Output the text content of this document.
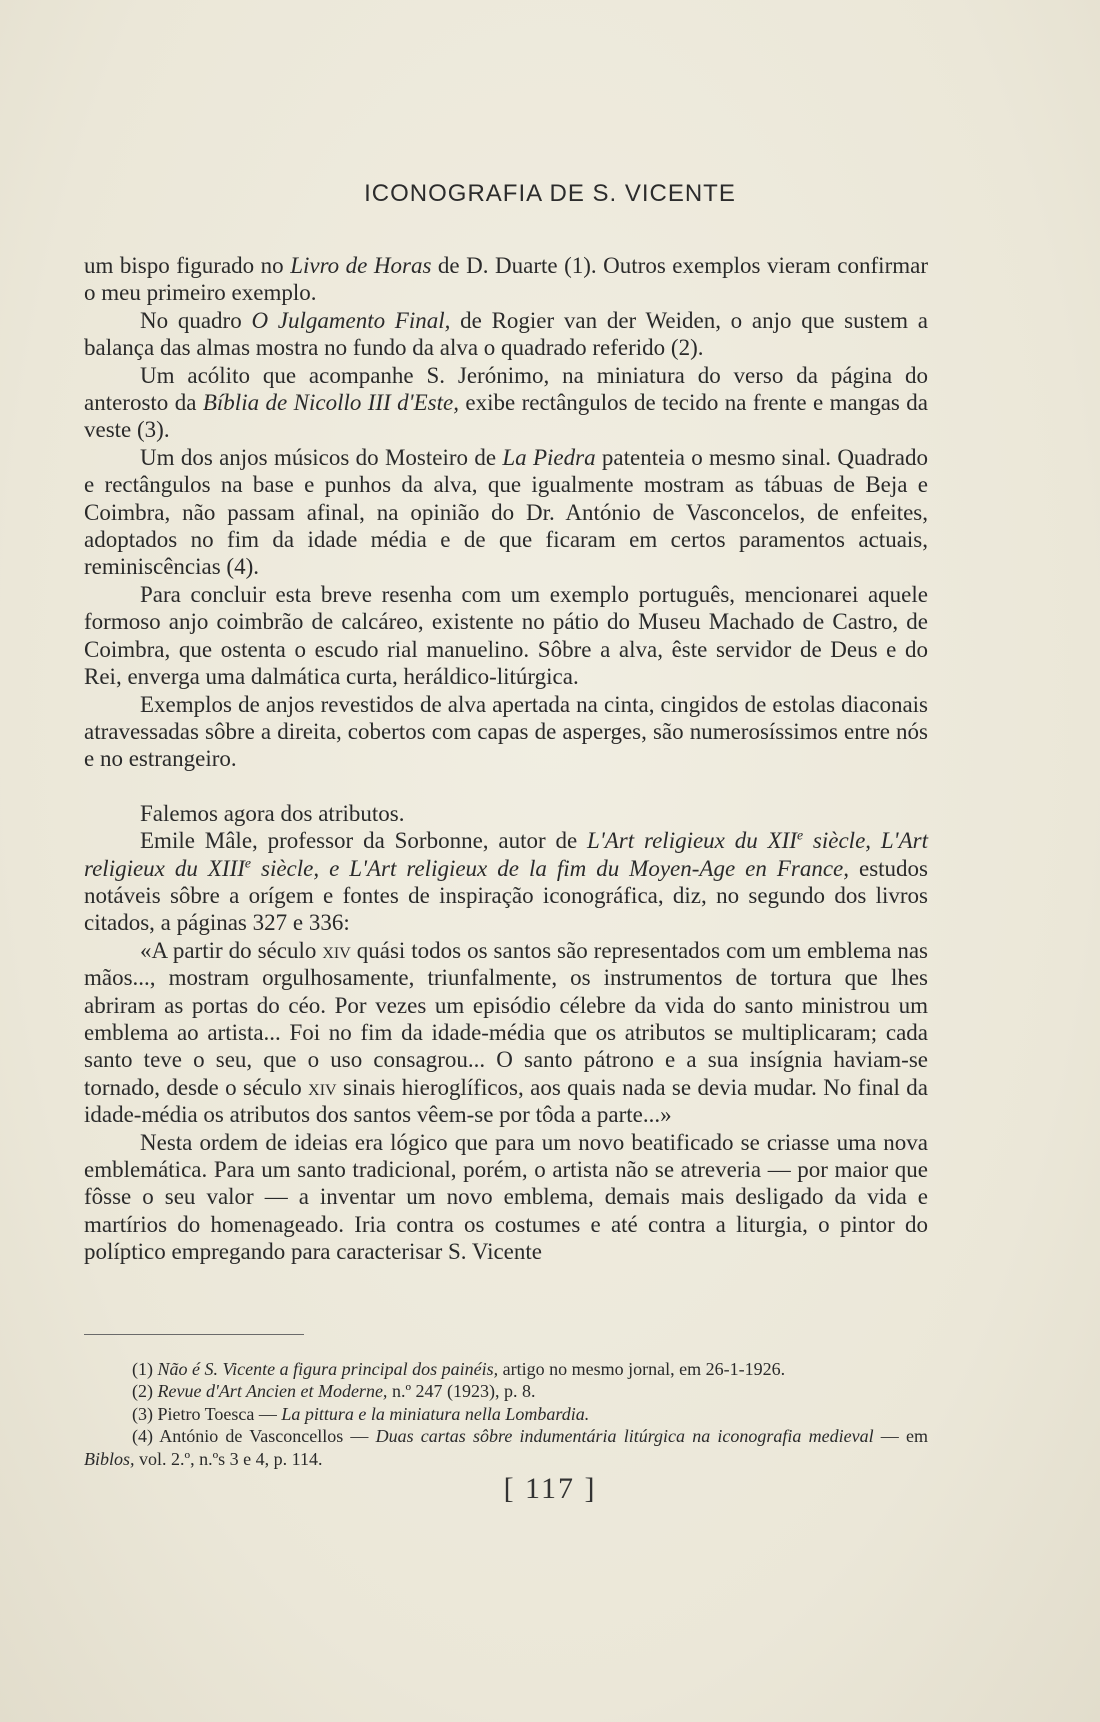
ICONOGRAFIA DE S. VICENTE

um bispo figurado no Livro de Horas de D. Duarte (1). Outros exemplos vieram confirmar o meu primeiro exemplo.

No quadro O Julgamento Final, de Rogier van der Weiden, o anjo que sustem a balança das almas mostra no fundo da alva o quadrado referido (2).

Um acólito que acompanhe S. Jerónimo, na miniatura do verso da página do anterosto da Bíblia de Nicollo III d'Este, exibe rectângulos de tecido na frente e mangas da veste (3).

Um dos anjos músicos do Mosteiro de La Piedra patenteia o mesmo sinal. Quadrado e rectângulos na base e punhos da alva, que igualmente mostram as tábuas de Beja e Coimbra, não passam afinal, na opinião do Dr. António de Vasconcelos, de enfeites, adoptados no fim da idade média e de que ficaram em certos paramentos actuais, reminiscências (4).

Para concluir esta breve resenha com um exemplo português, mencionarei aquele formoso anjo coimbrão de calcáreo, existente no pátio do Museu Machado de Castro, de Coimbra, que ostenta o escudo rial manuelino. Sôbre a alva, êste servidor de Deus e do Rei, enverga uma dalmática curta, heráldico-litúrgica.

Exemplos de anjos revestidos de alva apertada na cinta, cingidos de estolas diaconais atravessadas sôbre a direita, cobertos com capas de asperges, são numerosíssimos entre nós e no estrangeiro.

Falemos agora dos atributos.

Emile Mâle, professor da Sorbonne, autor de L'Art religieux du XIIe siècle, L'Art religieux du XIIIe siècle, e L'Art religieux de la fim du Moyen-Age en France, estudos notáveis sôbre a orígem e fontes de inspiração iconográfica, diz, no segundo dos livros citados, a páginas 327 e 336:

«A partir do século xiv quási todos os santos são representados com um emblema nas mãos..., mostram orgulhosamente, triunfalmente, os instrumentos de tortura que lhes abriram as portas do céo. Por vezes um episódio célebre da vida do santo ministrou um emblema ao artista... Foi no fim da idade-média que os atributos se multiplicaram; cada santo teve o seu, que o uso consagrou... O santo pátrono e a sua insígnia haviam-se tornado, desde o século xiv sinais hieroglíficos, aos quais nada se devia mudar. No final da idade-média os atributos dos santos vêem-se por tôda a parte...»

Nesta ordem de ideias era lógico que para um novo beatificado se criasse uma nova emblemática. Para um santo tradicional, porém, o artista não se atreveria — por maior que fôsse o seu valor — a inventar um novo emblema, demais mais desligado da vida e martírios do homenageado. Iria contra os costumes e até contra a liturgia, o pintor do políptico empregando para caracterisar S. Vicente

(1) Não é S. Vicente a figura principal dos painéis, artigo no mesmo jornal, em 26-1-1926.

(2) Revue d'Art Ancien et Moderne, n.º 247 (1923), p. 8.

(3) Pietro Toesca — La pittura e la miniatura nella Lombardia.

(4) António de Vasconcellos — Duas cartas sôbre indumentária litúrgica na iconografia medieval — em Biblos, vol. 2.º, n.ºs 3 e 4, p. 114.

[ 117 ]
